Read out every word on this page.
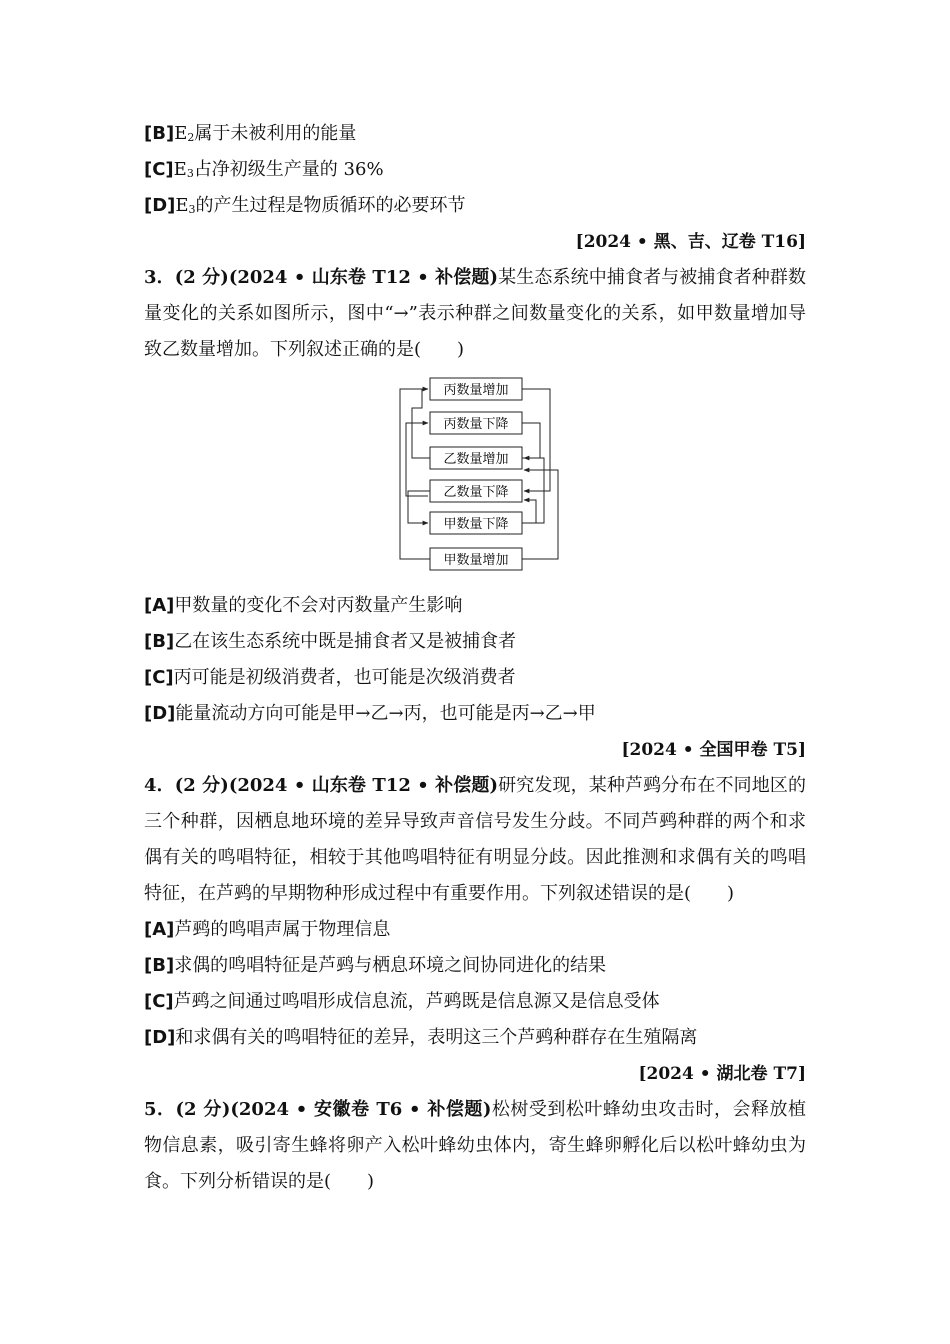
$[B]E_2$属于未被利用的能量
$[C]E_3$占净初级生产量的 36%
$[D]E_3$的产生过程是物质循环的必要环节
[2024 • 黑、吉、辽卷 T16]
3．(2 分)(2024 • 山东卷 T12 • 补偿题)某生态系统中捕食者与被捕食者种群数量变化的关系如图所示，图中“→”表示种群之间数量变化的关系，如甲数量增加导致乙数量增加。下列叙述正确的是(　　)
丙数量增加
丙数量下降
乙数量增加
乙数量下降
甲数量下降
甲数量增加
[A]甲数量的变化不会对丙数量产生影响
[B]乙在该生态系统中既是捕食者又是被捕食者
[C]丙可能是初级消费者，也可能是次级消费者
[D]能量流动方向可能是甲→乙→丙，也可能是丙→乙→甲
[2024 • 全国甲卷 T5]
4．(2 分)(2024 • 山东卷 T12 • 补偿题)研究发现，某种芦鹀分布在不同地区的三个种群，因栖息地环境的差异导致声音信号发生分歧。不同芦鹀种群的两个和求偶有关的鸣唱特征，相较于其他鸣唱特征有明显分歧。因此推测和求偶有关的鸣唱特征，在芦鹀的早期物种形成过程中有重要作用。下列叙述错误的是(　　)
[A]芦鹀的鸣唱声属于物理信息
[B]求偶的鸣唱特征是芦鹀与栖息环境之间协同进化的结果
[C]芦鹀之间通过鸣唱形成信息流，芦鹀既是信息源又是信息受体
[D]和求偶有关的鸣唱特征的差异，表明这三个芦鹀种群存在生殖隔离
[2024 • 湖北卷 T7]
5．(2 分)(2024 • 安徽卷 T6 • 补偿题)松树受到松叶蜂幼虫攻击时，会释放植物信息素，吸引寄生蜂将卵产入松叶蜂幼虫体内，寄生蜂卵孵化后以松叶蜂幼虫为食。下列分析错误的是(　　)
